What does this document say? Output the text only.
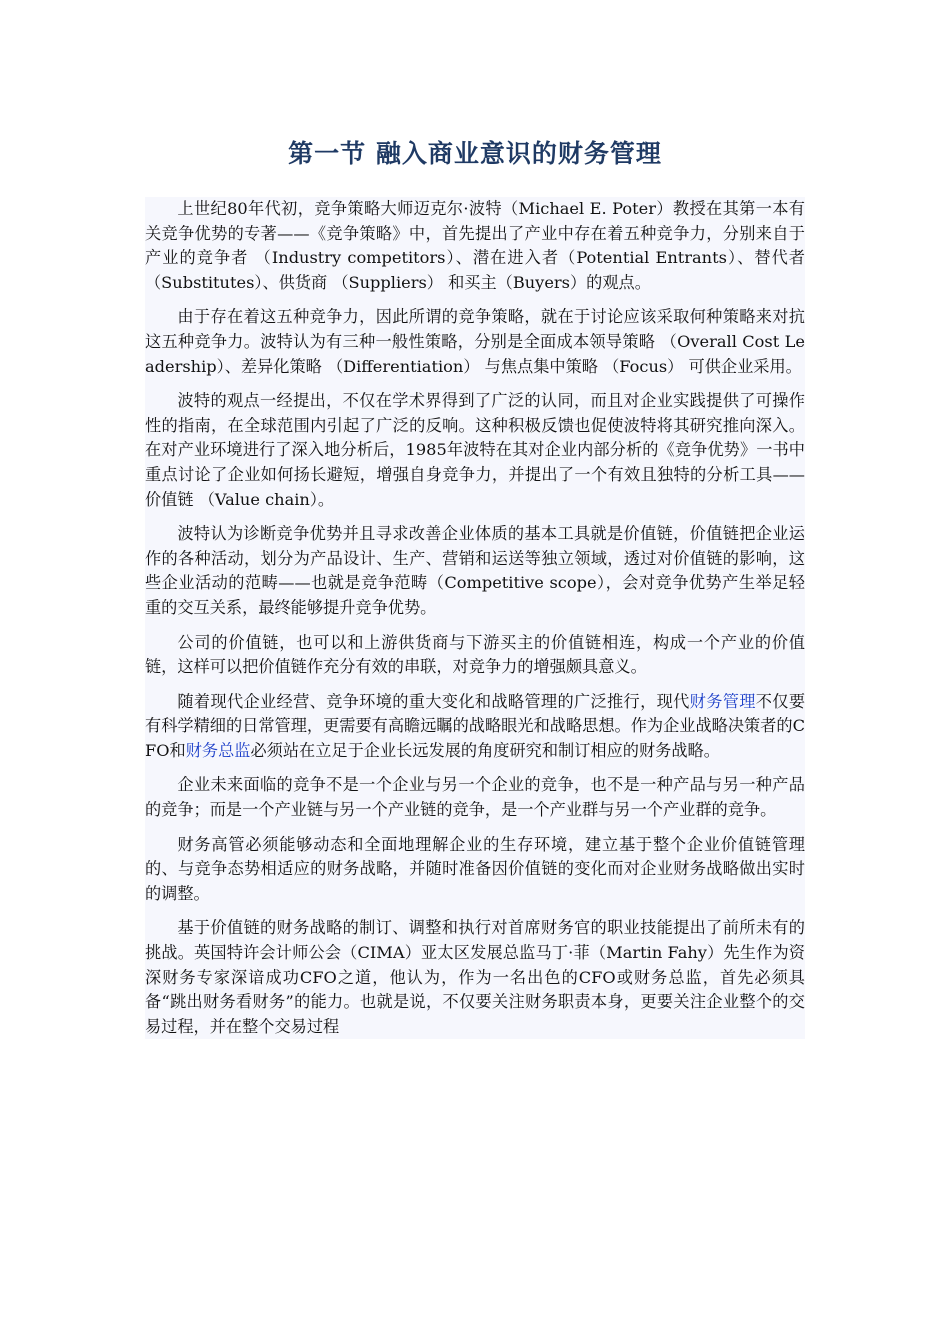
第一节 融入商业意识的财务管理

上世纪80年代初，竞争策略大师迈克尔·波特（Michael E. Poter）教授在其第一本有关竞争优势的专著——《竞争策略》中，首先提出了产业中存在着五种竞争力，分别来自于产业的竞争者 （Industry competitors）、潜在进入者（Potential Entrants）、替代者 （Substitutes）、供货商 （Suppliers） 和买主（Buyers）的观点。

由于存在着这五种竞争力，因此所谓的竞争策略，就在于讨论应该采取何种策略来对抗这五种竞争力。波特认为有三种一般性策略，分别是全面成本领导策略 （Overall Cost Leadership）、差异化策略 （Differentiation） 与焦点集中策略 （Focus） 可供企业采用。

波特的观点一经提出，不仅在学术界得到了广泛的认同，而且对企业实践提供了可操作性的指南，在全球范围内引起了广泛的反响。这种积极反馈也促使波特将其研究推向深入。在对产业环境进行了深入地分析后，1985年波特在其对企业内部分析的《竞争优势》一书中重点讨论了企业如何扬长避短，增强自身竞争力，并提出了一个有效且独特的分析工具——价值链 （Value chain）。

波特认为诊断竞争优势并且寻求改善企业体质的基本工具就是价值链，价值链把企业运作的各种活动，划分为产品设计、生产、营销和运送等独立领域，透过对价值链的影响，这些企业活动的范畴——也就是竞争范畴（Competitive scope），会对竞争优势产生举足轻重的交互关系，最终能够提升竞争优势。

公司的价值链，也可以和上游供货商与下游买主的价值链相连，构成一个产业的价值链，这样可以把价值链作充分有效的串联，对竞争力的增强颇具意义。

随着现代企业经营、竞争环境的重大变化和战略管理的广泛推行，现代财务管理不仅要有科学精细的日常管理，更需要有高瞻远瞩的战略眼光和战略思想。作为企业战略决策者的CFO和财务总监必须站在立足于企业长远发展的角度研究和制订相应的财务战略。

企业未来面临的竞争不是一个企业与另一个企业的竞争，也不是一种产品与另一种产品的竞争；而是一个产业链与另一个产业链的竞争，是一个产业群与另一个产业群的竞争。

财务高管必须能够动态和全面地理解企业的生存环境，建立基于整个企业价值链管理的、与竞争态势相适应的财务战略，并随时准备因价值链的变化而对企业财务战略做出实时的调整。

基于价值链的财务战略的制订、调整和执行对首席财务官的职业技能提出了前所未有的挑战。英国特许会计师公会（CIMA）亚太区发展总监马丁·菲（Martin Fahy）先生作为资深财务专家深谙成功CFO之道，他认为，作为一名出色的CFO或财务总监，首先必须具备“跳出财务看财务”的能力。也就是说，不仅要关注财务职责本身，更要关注企业整个的交易过程，并在整个交易过程
